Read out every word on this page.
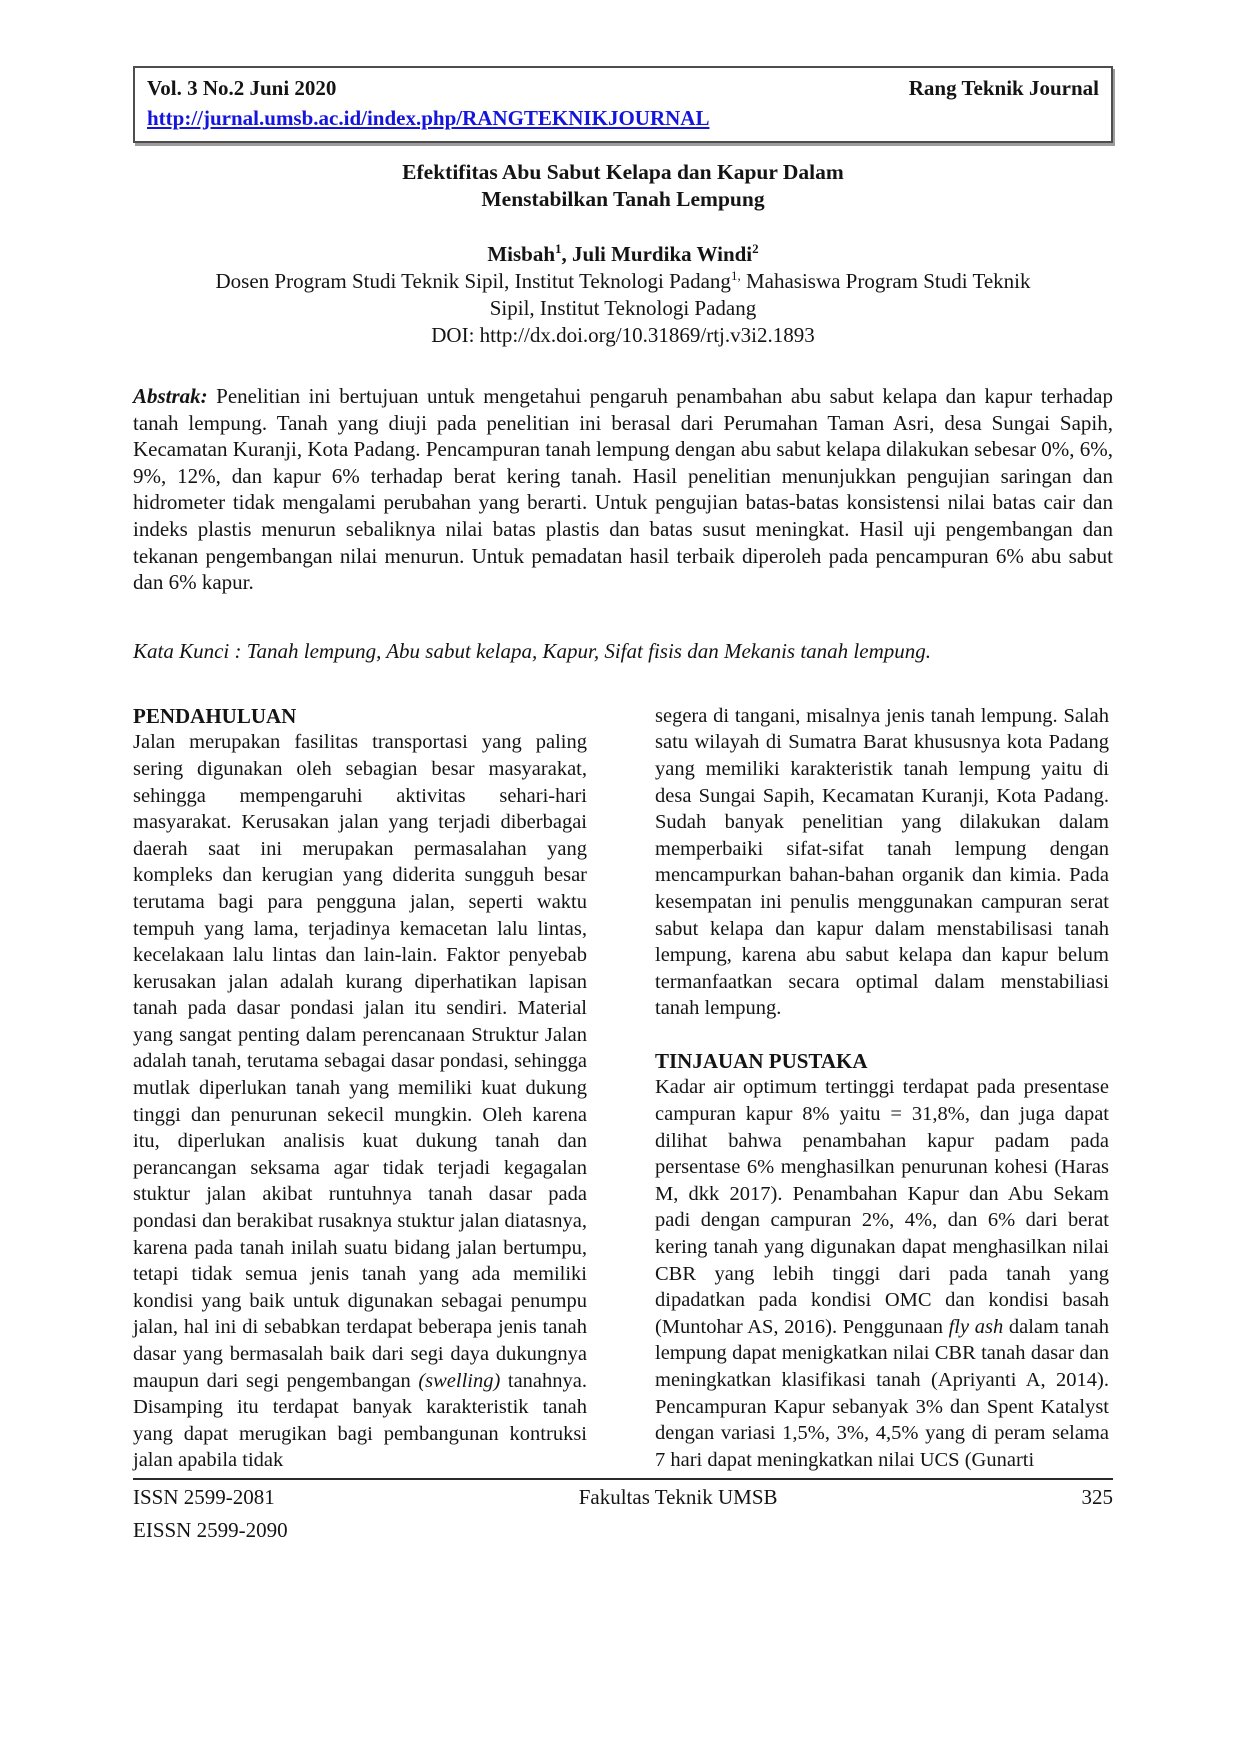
Vol. 3 No.2 Juni 2020	Rang Teknik Journal
http://jurnal.umsb.ac.id/index.php/RANGTEKNIKJOURNAL
Efektifitas Abu Sabut Kelapa dan Kapur Dalam
Menstabilkan Tanah Lempung
Misbah$^1$, Juli Murdika Windi$^2$
Dosen Program Studi Teknik Sipil, Institut Teknologi Padang$^{1,}$ Mahasiswa Program Studi Teknik
Sipil, Institut Teknologi Padang
DOI: http://dx.doi.org/10.31869/rtj.v3i2.1893

Abstrak: Penelitian ini bertujuan untuk mengetahui pengaruh penambahan abu sabut kelapa dan kapur terhadap tanah lempung. Tanah yang diuji pada penelitian ini berasal dari Perumahan Taman Asri, desa Sungai Sapih, Kecamatan Kuranji, Kota Padang. Pencampuran tanah lempung dengan abu sabut kelapa dilakukan sebesar 0%, 6%, 9%, 12%, dan kapur 6% terhadap berat kering tanah. Hasil penelitian menunjukkan pengujian saringan dan hidrometer tidak mengalami perubahan yang berarti. Untuk pengujian batas-batas konsistensi nilai batas cair dan indeks plastis menurun sebaliknya nilai batas plastis dan batas susut meningkat. Hasil uji pengembangan dan tekanan pengembangan nilai menurun. Untuk pemadatan hasil terbaik diperoleh pada pencampuran 6% abu sabut dan 6% kapur.

Kata Kunci : Tanah lempung, Abu sabut kelapa, Kapur, Sifat fisis dan Mekanis tanah lempung.
PENDAHULUAN
Jalan merupakan fasilitas transportasi yang paling sering digunakan oleh sebagian besar masyarakat, sehingga mempengaruhi aktivitas sehari-hari masyarakat. Kerusakan jalan yang terjadi diberbagai daerah saat ini merupakan permasalahan yang kompleks dan kerugian yang diderita sungguh besar terutama bagi para pengguna jalan, seperti waktu tempuh yang lama, terjadinya kemacetan lalu lintas, kecelakaan lalu lintas dan lain-lain. Faktor penyebab kerusakan jalan adalah kurang diperhatikan lapisan tanah pada dasar pondasi jalan itu sendiri. Material yang sangat penting dalam perencanaan Struktur Jalan adalah tanah, terutama sebagai dasar pondasi, sehingga mutlak diperlukan tanah yang memiliki kuat dukung tinggi dan penurunan sekecil mungkin. Oleh karena itu, diperlukan analisis kuat dukung tanah dan perancangan seksama agar tidak terjadi kegagalan stuktur jalan akibat runtuhnya tanah dasar pada pondasi dan berakibat rusaknya stuktur jalan diatasnya, karena pada tanah inilah suatu bidang jalan bertumpu, tetapi tidak semua jenis tanah yang ada memiliki kondisi yang baik untuk digunakan sebagai penumpu jalan, hal ini di sebabkan terdapat beberapa jenis tanah dasar yang bermasalah baik dari segi daya dukungnya maupun dari segi pengembangan (swelling) tanahnya. Disamping itu terdapat banyak karakteristik tanah yang dapat merugikan bagi pembangunan kontruksi jalan apabila tidak
segera di tangani, misalnya jenis tanah lempung. Salah satu wilayah di Sumatra Barat khususnya kota Padang yang memiliki karakteristik tanah lempung yaitu di desa Sungai Sapih, Kecamatan Kuranji, Kota Padang. Sudah banyak penelitian yang dilakukan dalam memperbaiki sifat-sifat tanah lempung dengan mencampurkan bahan-bahan organik dan kimia. Pada kesempatan ini penulis menggunakan campuran serat sabut kelapa dan kapur dalam menstabilisasi tanah lempung, karena abu sabut kelapa dan kapur belum termanfaatkan secara optimal dalam menstabiliasi tanah lempung.
TINJAUAN PUSTAKA
Kadar air optimum tertinggi terdapat pada presentase campuran kapur 8% yaitu = 31,8%, dan juga dapat dilihat bahwa penambahan kapur padam pada persentase 6% menghasilkan penurunan kohesi (Haras M, dkk 2017). Penambahan Kapur dan Abu Sekam padi dengan campuran 2%, 4%, dan 6% dari berat kering tanah yang digunakan dapat menghasilkan nilai CBR yang lebih tinggi dari pada tanah yang dipadatkan pada kondisi OMC dan kondisi basah (Muntohar AS, 2016). Penggunaan fly ash dalam tanah lempung dapat menigkatkan nilai CBR tanah dasar dan meningkatkan klasifikasi tanah (Apriyanti A, 2014). Pencampuran Kapur sebanyak 3% dan Spent Katalyst dengan variasi 1,5%, 3%, 4,5% yang di peram selama 7 hari dapat meningkatkan nilai UCS (Gunarti
ISSN 2599-2081	Fakultas Teknik UMSB	325
EISSN 2599-2090
